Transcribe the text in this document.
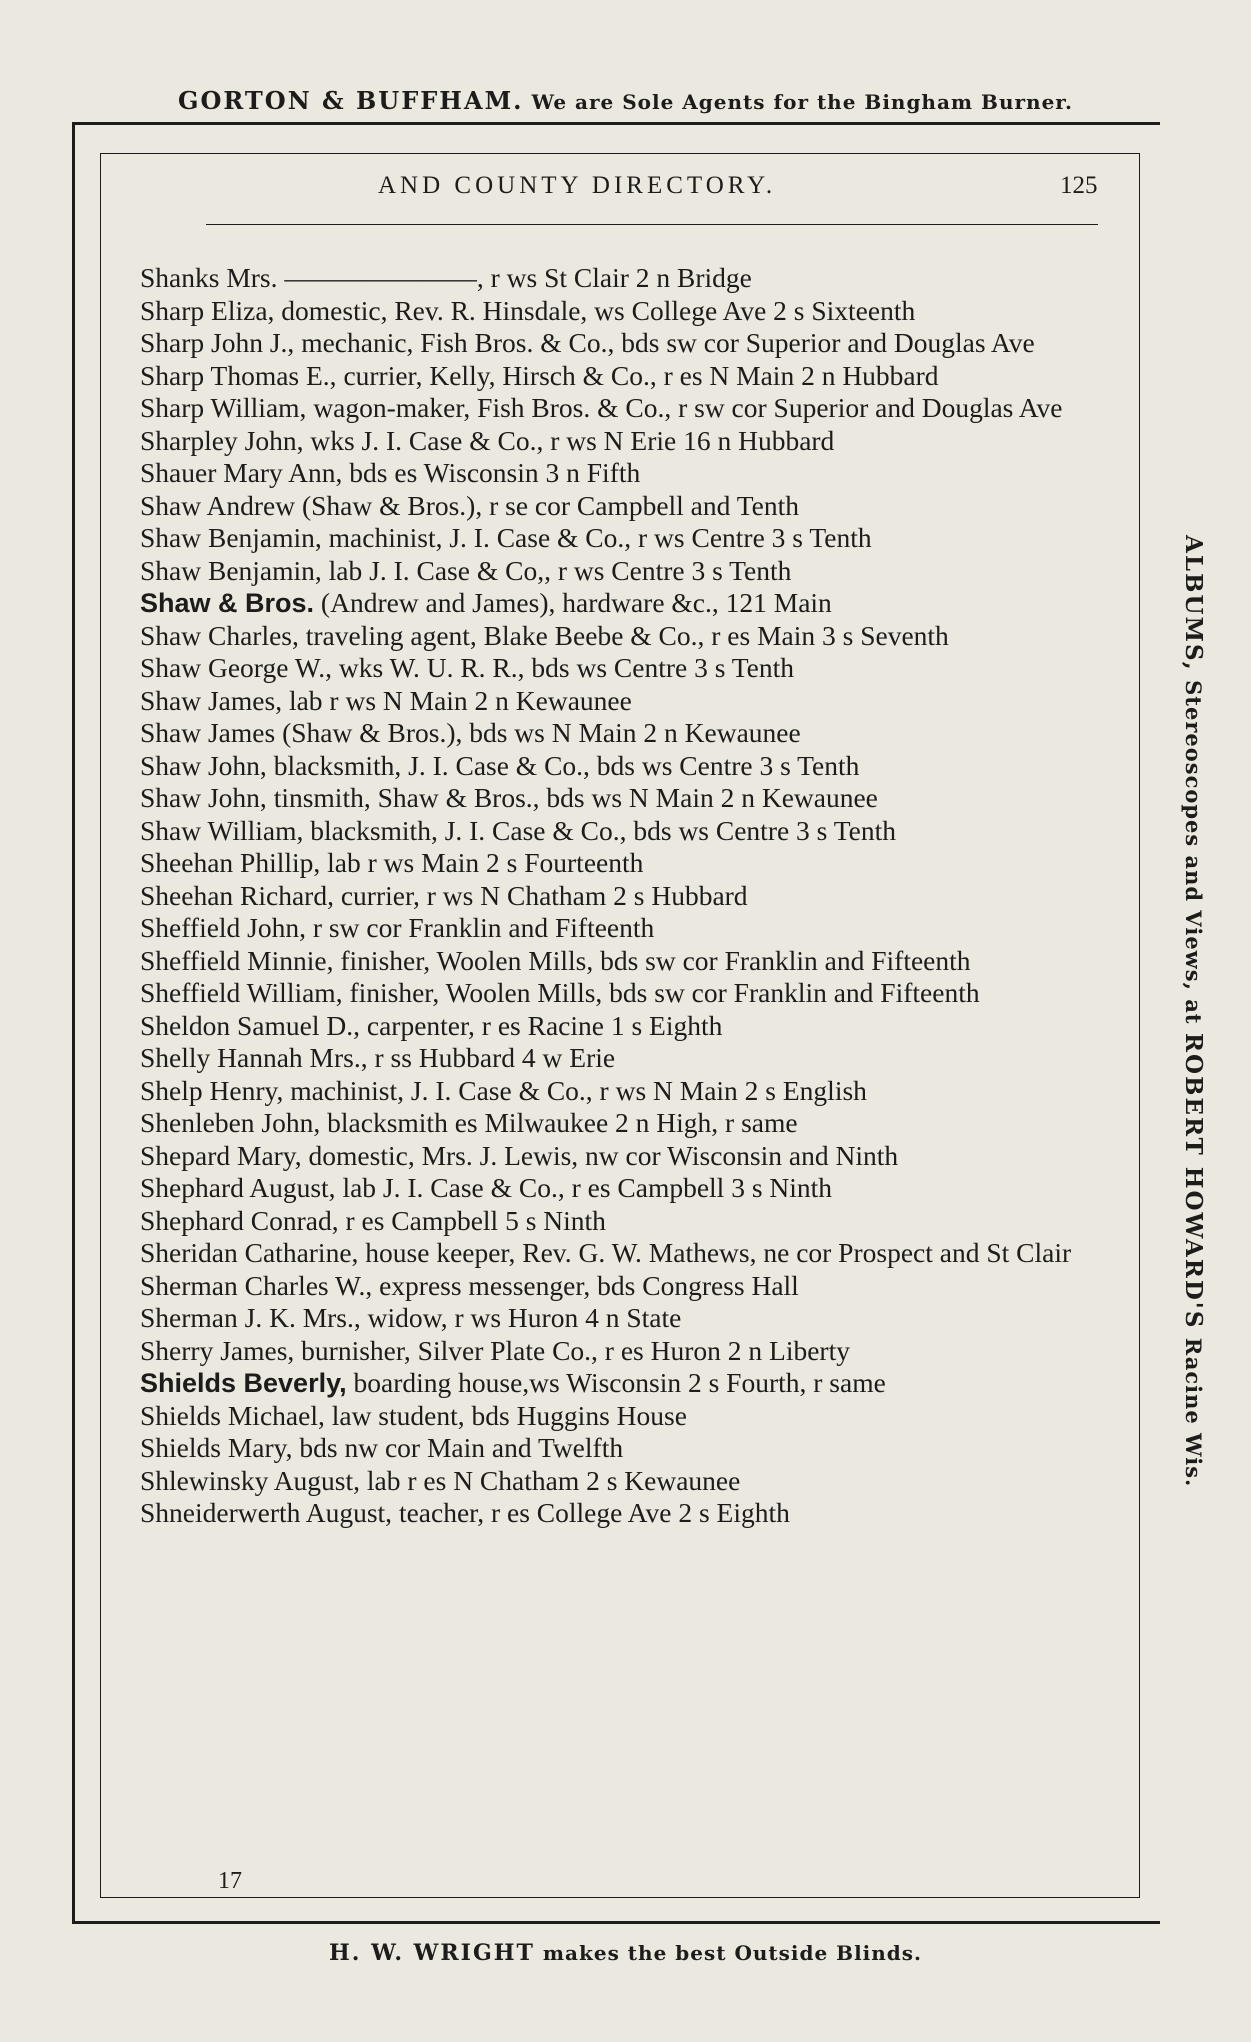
GORTON & BUFFHAM. We are Sole Agents for the Bingham Burner.
AND COUNTY DIRECTORY.	125
Shanks Mrs. ———————, r ws St Clair 2 n Bridge
Sharp Eliza, domestic, Rev. R. Hinsdale, ws College Ave 2 s Sixteenth
Sharp John J., mechanic, Fish Bros. & Co., bds sw cor Superior and Douglas Ave
Sharp Thomas E., currier, Kelly, Hirsch & Co., r es N Main 2 n Hubbard
Sharp William, wagon-maker, Fish Bros. & Co., r sw cor Superior and Douglas Ave
Sharpley John, wks J. I. Case & Co., r ws N Erie 16 n Hubbard
Shauer Mary Ann, bds es Wisconsin 3 n Fifth
Shaw Andrew (Shaw & Bros.), r se cor Campbell and Tenth
Shaw Benjamin, machinist, J. I. Case & Co., r ws Centre 3 s Tenth
Shaw Benjamin, lab J. I. Case & Co,, r ws Centre 3 s Tenth
Shaw & Bros. (Andrew and James), hardware &c., 121 Main
Shaw Charles, traveling agent, Blake Beebe & Co., r es Main 3 s Seventh
Shaw George W., wks W. U. R. R., bds ws Centre 3 s Tenth
Shaw James, lab r ws N Main 2 n Kewaunee
Shaw James (Shaw & Bros.), bds ws N Main 2 n Kewaunee
Shaw John, blacksmith, J. I. Case & Co., bds ws Centre 3 s Tenth
Shaw John, tinsmith, Shaw & Bros., bds ws N Main 2 n Kewaunee
Shaw William, blacksmith, J. I. Case & Co., bds ws Centre 3 s Tenth
Sheehan Phillip, lab r ws Main 2 s Fourteenth
Sheehan Richard, currier, r ws N Chatham 2 s Hubbard
Sheffield John, r sw cor Franklin and Fifteenth
Sheffield Minnie, finisher, Woolen Mills, bds sw cor Franklin and Fifteenth
Sheffield William, finisher, Woolen Mills, bds sw cor Franklin and Fifteenth
Sheldon Samuel D., carpenter, r es Racine 1 s Eighth
Shelly Hannah Mrs., r ss Hubbard 4 w Erie
Shelp Henry, machinist, J. I. Case & Co., r ws N Main 2 s English
Shenleben John, blacksmith es Milwaukee 2 n High, r same
Shepard Mary, domestic, Mrs. J. Lewis, nw cor Wisconsin and Ninth
Shephard August, lab J. I. Case & Co., r es Campbell 3 s Ninth
Shephard Conrad, r es Campbell 5 s Ninth
Sheridan Catharine, house keeper, Rev. G. W. Mathews, ne cor Prospect and St Clair
Sherman Charles W., express messenger, bds Congress Hall
Sherman J. K. Mrs., widow, r ws Huron 4 n State
Sherry James, burnisher, Silver Plate Co., r es Huron 2 n Liberty
Shields Beverly, boarding house,ws Wisconsin 2 s Fourth, r same
Shields Michael, law student, bds Huggins House
Shields Mary, bds nw cor Main and Twelfth
Shlewinsky August, lab r es N Chatham 2 s Kewaunee
Shneiderwerth August, teacher, r es College Ave 2 s Eighth
17
ALBUMS, Stereoscopes and Views, at ROBERT HOWARD'S Racine Wis.
H. W. WRIGHT makes the best Outside Blinds.
